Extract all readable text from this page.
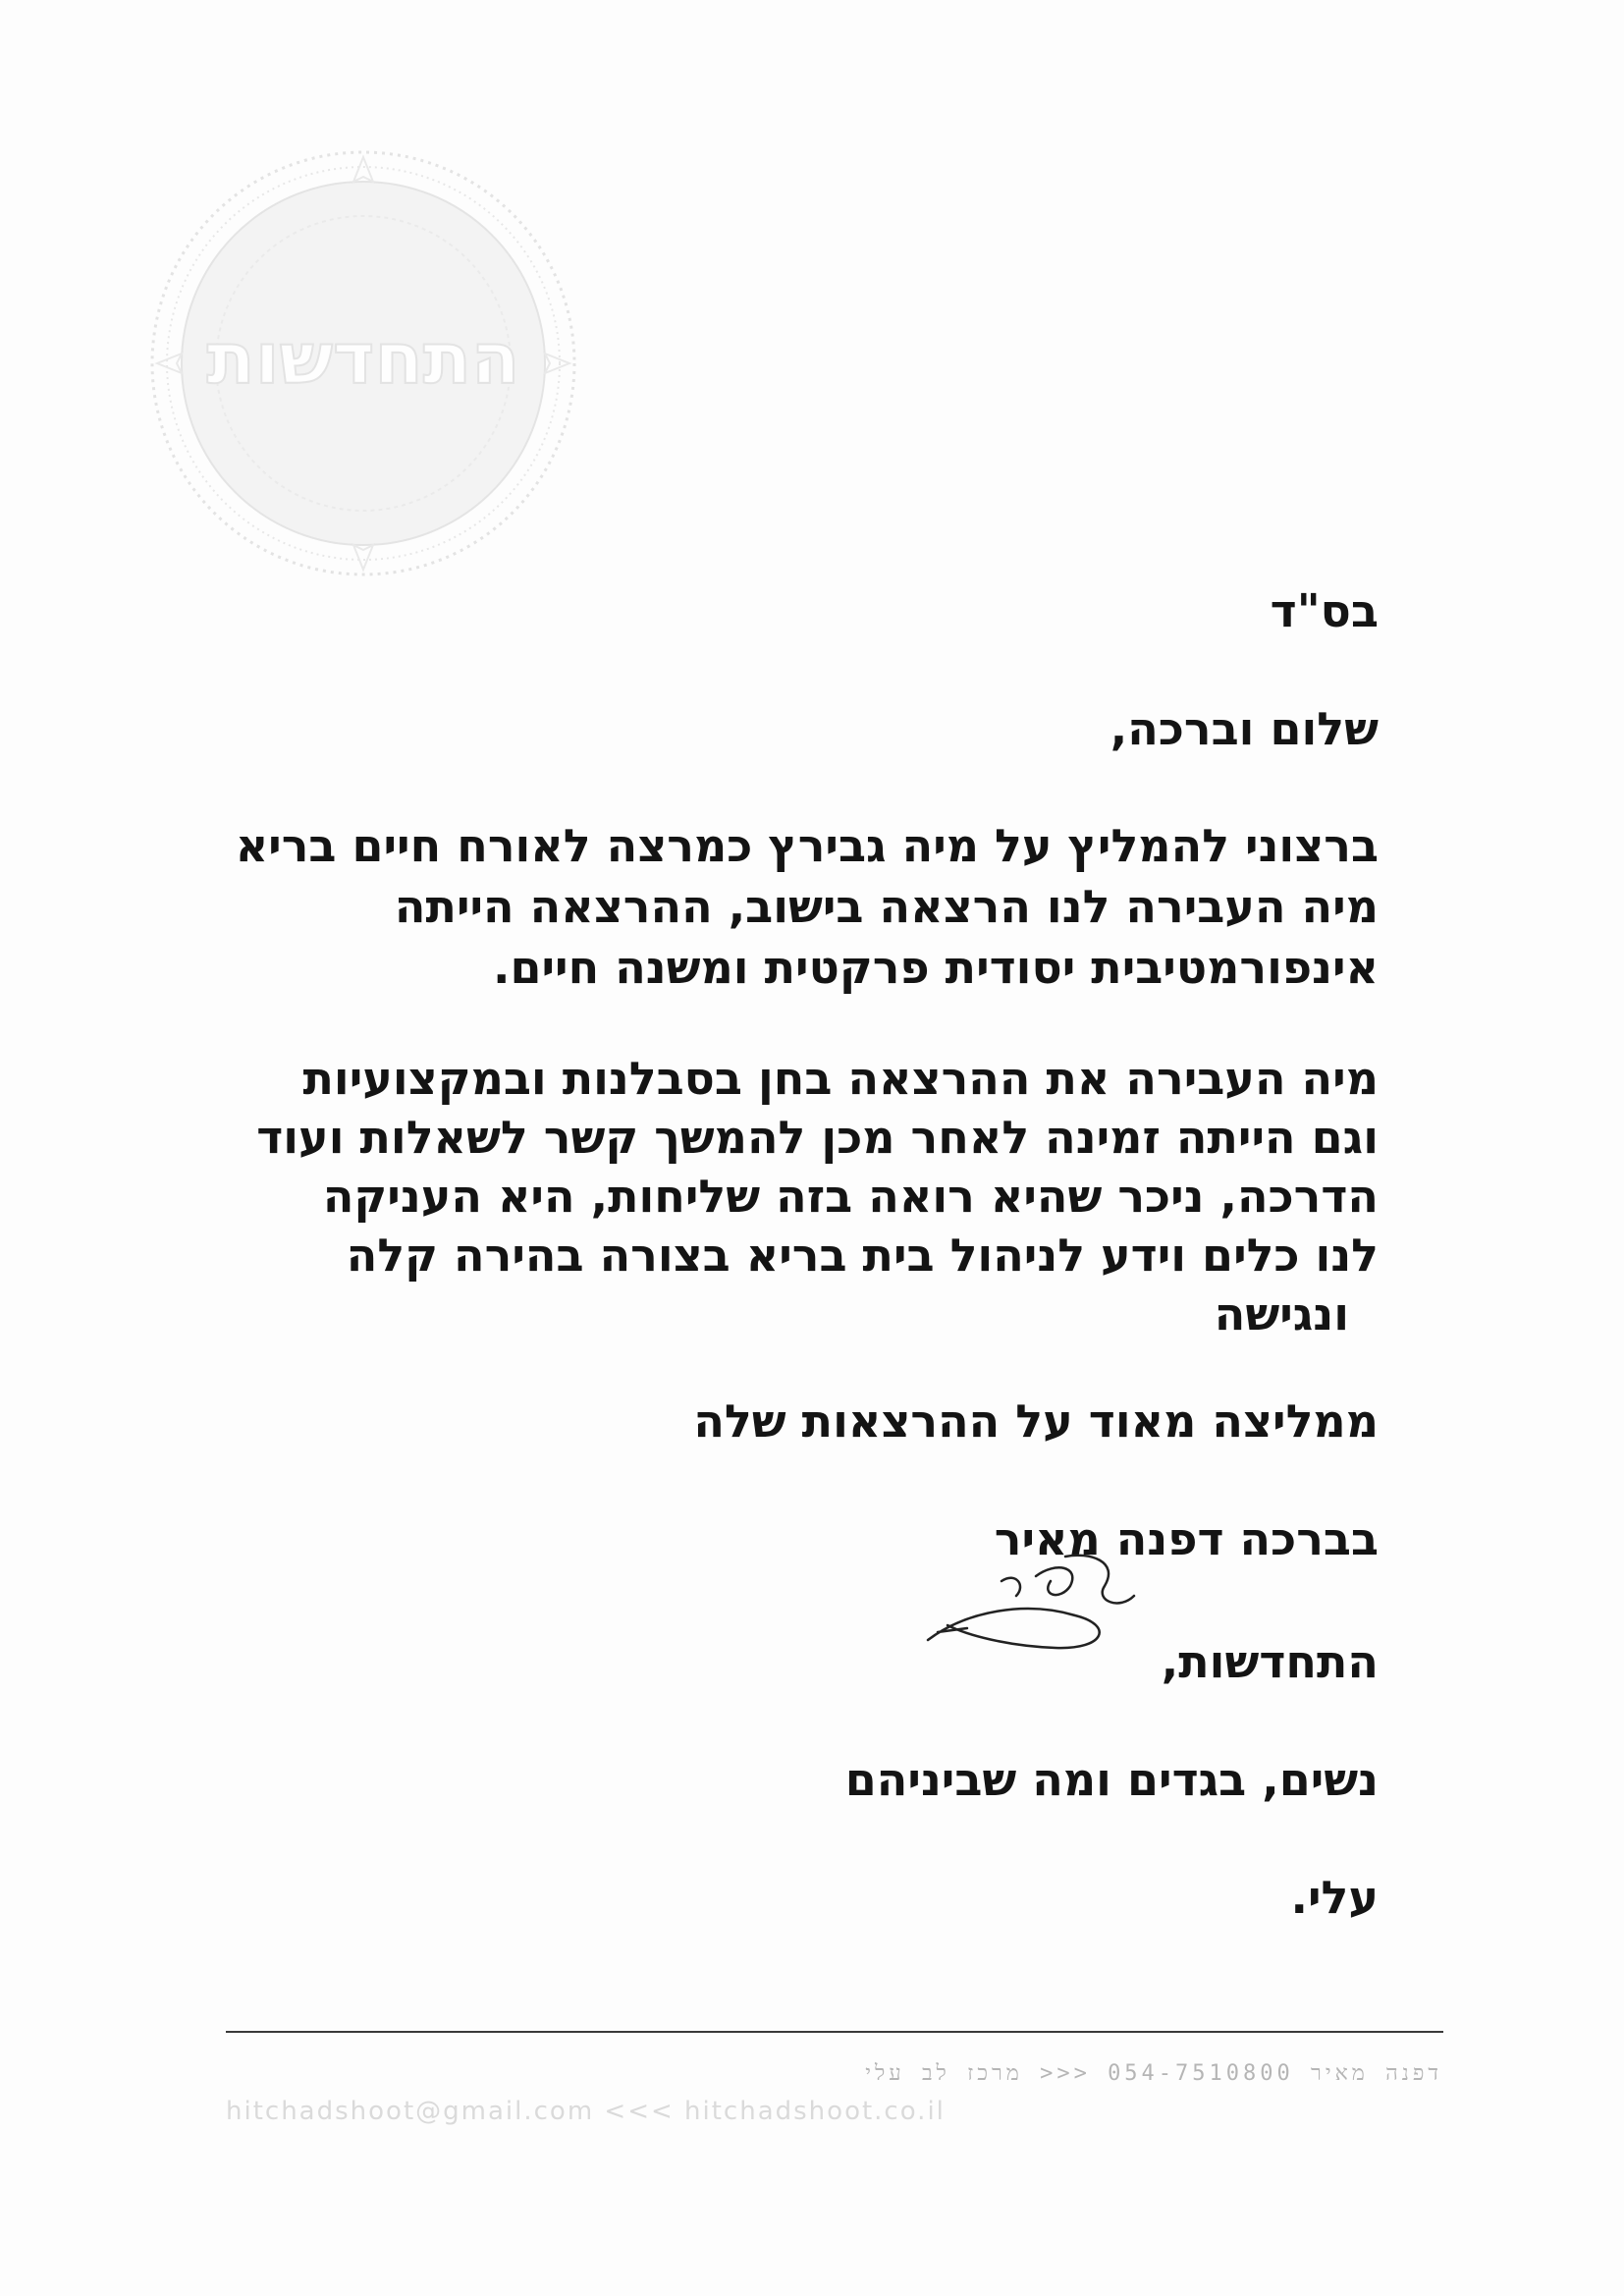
התחדשות
בס"ד
שלום וברכה,
ברצוני להמליץ על מיה גבירץ כמרצה לאורח חיים בריא
מיה העבירה לנו הרצאה בישוב, ההרצאה הייתה
אינפורמטיבית יסודית פרקטית ומשנה חיים.
מיה העבירה את ההרצאה בחן בסבלנות ובמקצועיות
וגם הייתה זמינה לאחר מכן להמשך קשר לשאלות ועוד
הדרכה, ניכר שהיא רואה בזה שליחות, היא העניקה
לנו כלים וידע לניהול בית בריא בצורה בהירה קלה
ונגישה
ממליצה מאוד על ההרצאות שלה
בברכה דפנה מאיר
התחדשות,
נשים, בגדים ומה שביניהם
עלי.
דפנה מאיר 054-7510800 <<< מרכז לב עלי
hitchadshoot@gmail.com <<< hitchadshoot.co.il
